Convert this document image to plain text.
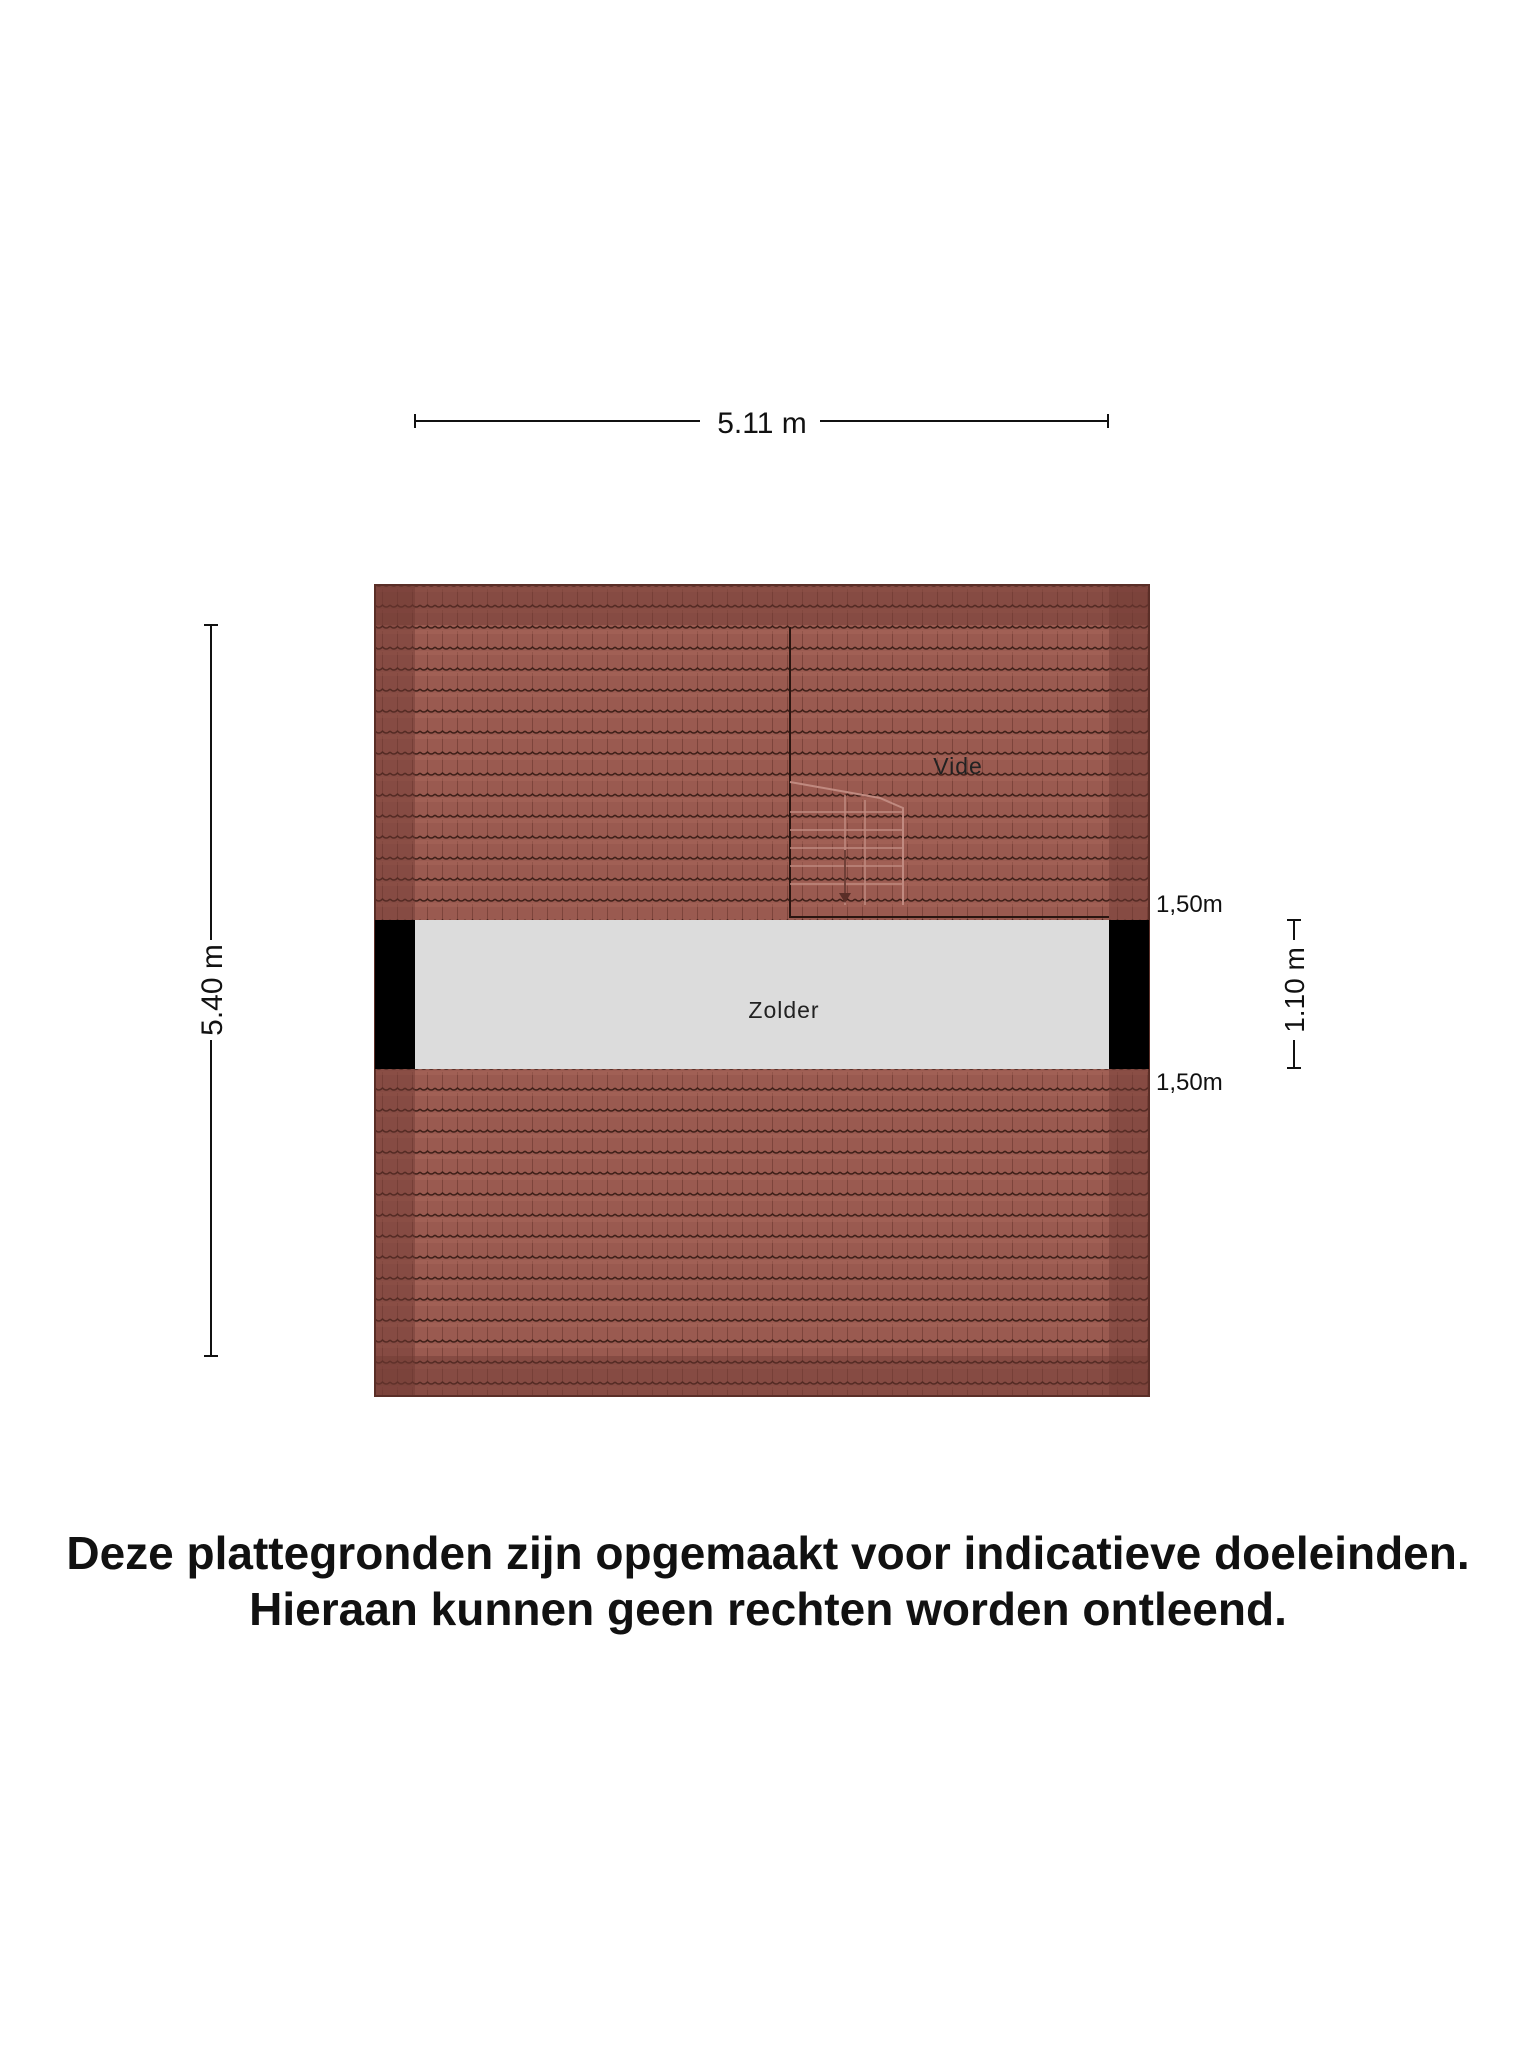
5.11 m
5.40 m
Vide
Zolder
1,50m
1,50m
1.10 m
Deze plattegronden zijn opgemaakt voor indicatieve doeleinden.
Hieraan kunnen geen rechten worden ontleend.
